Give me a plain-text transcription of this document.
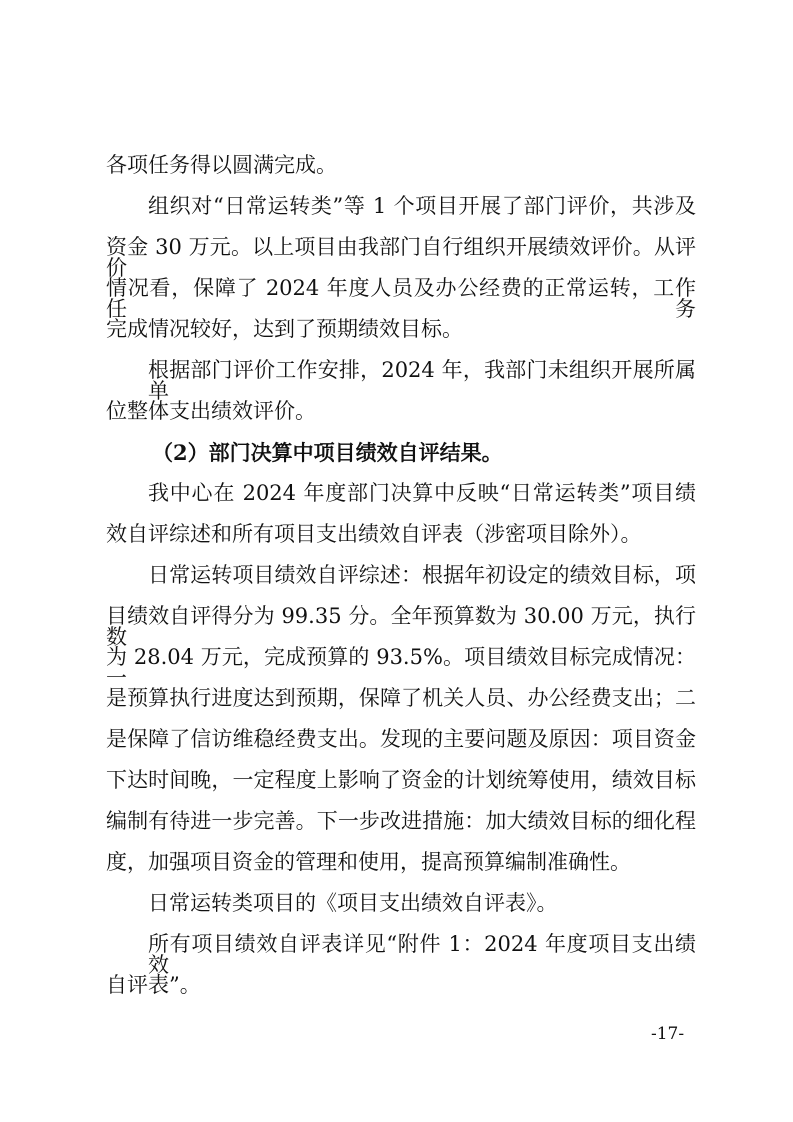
各项任务得以圆满完成。
组织对“日常运转类”等 1 个项目开展了部门评价，共涉及
资金 30 万元。以上项目由我部门自行组织开展绩效评价。从评价
情况看，保障了 2024 年度人员及办公经费的正常运转，工作任务
完成情况较好，达到了预期绩效目标。
根据部门评价工作安排，2024 年，我部门未组织开展所属单
位整体支出绩效评价。
（2）部门决算中项目绩效自评结果。
我中心在 2024 年度部门决算中反映“日常运转类”项目绩
效自评综述和所有项目支出绩效自评表（涉密项目除外）。
日常运转项目绩效自评综述：根据年初设定的绩效目标，项
目绩效自评得分为 99.35 分。全年预算数为 30.00 万元，执行数
为 28.04 万元，完成预算的 93.5%。项目绩效目标完成情况：一
是预算执行进度达到预期，保障了机关人员、办公经费支出；二
是保障了信访维稳经费支出。发现的主要问题及原因：项目资金
下达时间晚，一定程度上影响了资金的计划统筹使用，绩效目标
编制有待进一步完善。下一步改进措施：加大绩效目标的细化程
度，加强项目资金的管理和使用，提高预算编制准确性。
日常运转类项目的《项目支出绩效自评表》。
所有项目绩效自评表详见“附件 1：2024 年度项目支出绩效
自评表”。
-17-
